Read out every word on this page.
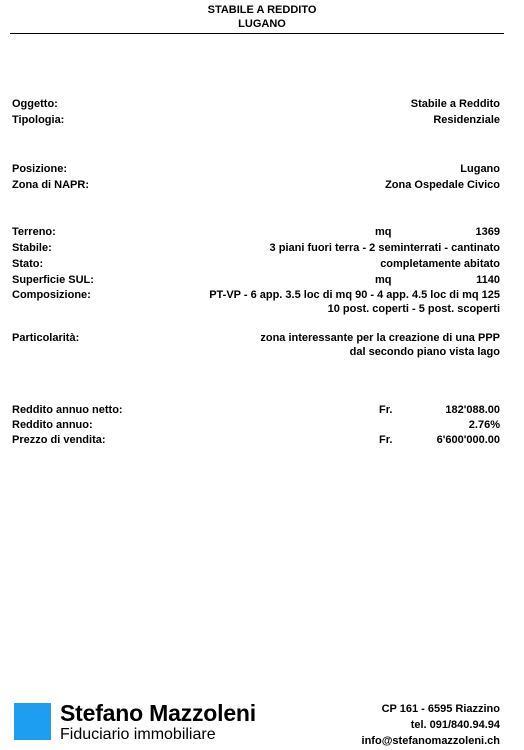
STABILE A REDDITO
LUGANO
Oggetto:	Stabile a Reddito
Tipologia:	Residenziale
Posizione:	Lugano
Zona di NAPR:	Zona Ospedale Civico
Terreno:	mq	1369
Stabile:	3 piani fuori terra - 2 seminterrati - cantinato
Stato:	completamente abitato
Superficie SUL:	mq	1140
Composizione:	PT-VP - 6 app. 3.5 loc di mq 90 - 4 app. 4.5 loc di mq 125
10 post. coperti - 5 post. scoperti
Particolarità:	zona interessante per la creazione di una PPP
dal secondo piano vista lago
Reddito annuo netto:	Fr.	182'088.00
Reddito annuo:	2.76%
Prezzo di vendita:	Fr.	6'600'000.00
Stefano Mazzoleni
Fiduciario immobiliare
CP 161 - 6595 Riazzino
tel. 091/840.94.94
info@stefanomazzoleni.ch
